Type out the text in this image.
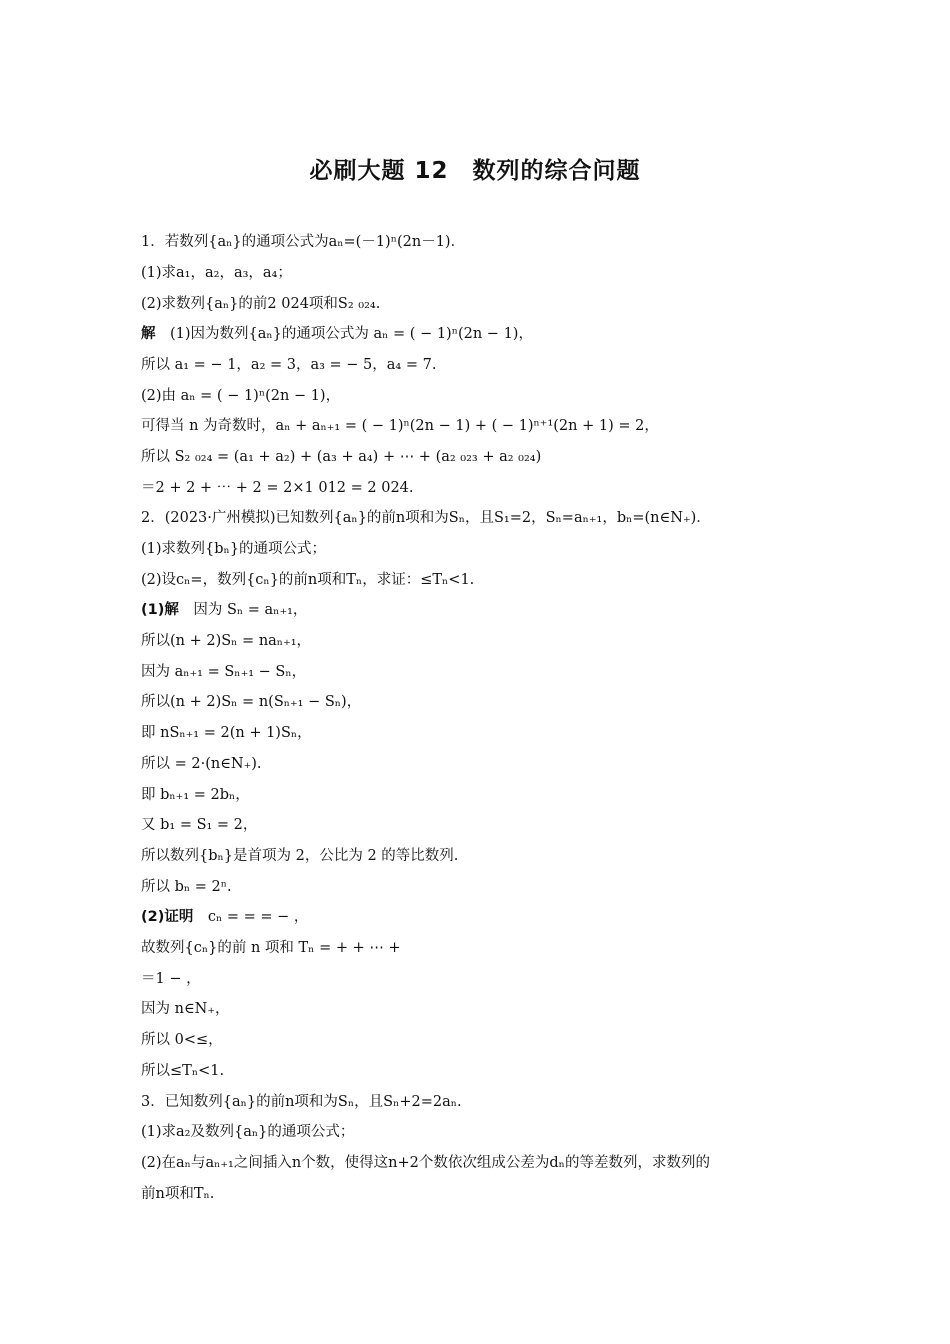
必刷大题 12　数列的综合问题
1．若数列{aₙ}的通项公式为aₙ=(－1)ⁿ(2n－1)．
(1)求a₁，a₂，a₃，a₄；
(2)求数列{aₙ}的前2 024项和S₂ ₀₂₄.
解　 (1)因为数列{aₙ}的通项公式为 aₙ = ( − 1)ⁿ(2n − 1)，
所以 a₁ = − 1，a₂ = 3，a₃ = − 5，a₄ = 7.
(2)由 aₙ = ( − 1)ⁿ(2n − 1)，
可得当 n 为奇数时，aₙ + aₙ₊₁ = ( − 1)ⁿ(2n − 1) + ( − 1)ⁿ⁺¹(2n + 1) = 2，
所以 S₂ ₀₂₄ = (a₁ + a₂) + (a₃ + a₄) + ⋯ + (a₂ ₀₂₃ + a₂ ₀₂₄)
＝2 + 2 + ⋯ + 2 = 2×1 012 = 2 024.
2．(2023·广州模拟)已知数列{aₙ}的前n项和为Sₙ，且S₁=2，Sₙ=aₙ₊₁，bₙ=(n∈N₊)．
(1)求数列{bₙ}的通项公式；
(2)设cₙ=，数列{cₙ}的前n项和Tₙ，求证：≤Tₙ<1.
(1)解　 因为 Sₙ = aₙ₊₁，
所以(n + 2)Sₙ = naₙ₊₁，
因为 aₙ₊₁ = Sₙ₊₁ − Sₙ，
所以(n + 2)Sₙ = n(Sₙ₊₁ − Sₙ)，
即 nSₙ₊₁ = 2(n + 1)Sₙ，
所以 = 2·(n∈N₊).
即 bₙ₊₁ = 2bₙ，
又 b₁ = S₁ = 2，
所以数列{bₙ}是首项为 2，公比为 2 的等比数列.
所以 bₙ = 2ⁿ.
(2)证明　 cₙ = = = − ，
故数列{cₙ}的前 n 项和 Tₙ = + + ⋯ +
＝1 − ，
因为 n∈N₊，
所以 0<≤，
所以≤Tₙ<1.
3．已知数列{aₙ}的前n项和为Sₙ，且Sₙ+2=2aₙ.
(1)求a₂及数列{aₙ}的通项公式；
(2)在aₙ与aₙ₊₁之间插入n个数，使得这n+2个数依次组成公差为dₙ的等差数列，求数列的
前n项和Tₙ.
